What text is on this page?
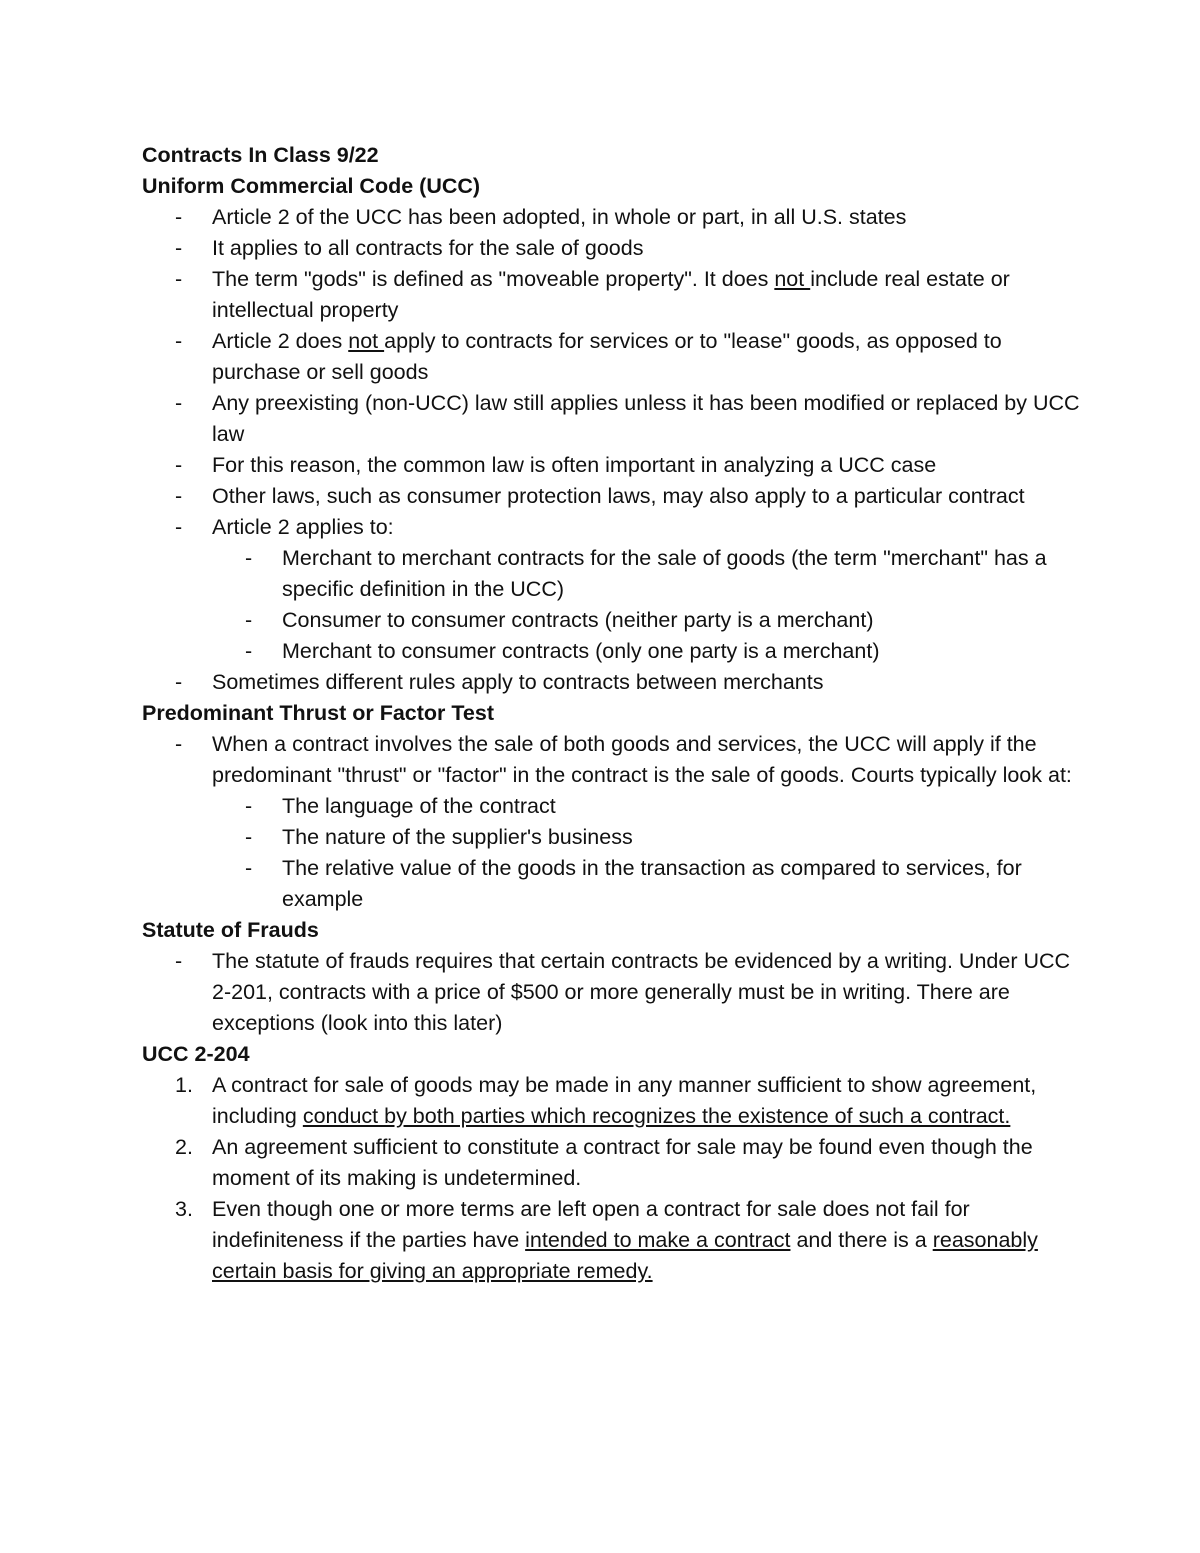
Contracts In Class 9/22

Uniform Commercial Code (UCC)

- Article 2 of the UCC has been adopted, in whole or part, in all U.S. states
- It applies to all contracts for the sale of goods
- The term "gods" is defined as "moveable property". It does not include real estate or intellectual property
- Article 2 does not apply to contracts for services or to "lease" goods, as opposed to purchase or sell goods
- Any preexisting (non-UCC) law still applies unless it has been modified or replaced by UCC law
- For this reason, the common law is often important in analyzing a UCC case
- Other laws, such as consumer protection laws, may also apply to a particular contract
- Article 2 applies to:
- Merchant to merchant contracts for the sale of goods (the term "merchant" has a specific definition in the UCC)
- Consumer to consumer contracts (neither party is a merchant)
- Merchant to consumer contracts (only one party is a merchant)
- Sometimes different rules apply to contracts between merchants

Predominant Thrust or Factor Test

- When a contract involves the sale of both goods and services, the UCC will apply if the predominant "thrust" or "factor" in the contract is the sale of goods. Courts typically look at:
- The language of the contract
- The nature of the supplier's business
- The relative value of the goods in the transaction as compared to services, for example

Statute of Frauds

- The statute of frauds requires that certain contracts be evidenced by a writing. Under UCC 2-201, contracts with a price of $500 or more generally must be in writing. There are exceptions (look into this later)

UCC 2-204

1. A contract for sale of goods may be made in any manner sufficient to show agreement, including conduct by both parties which recognizes the existence of such a contract.
2. An agreement sufficient to constitute a contract for sale may be found even though the moment of its making is undetermined.
3. Even though one or more terms are left open a contract for sale does not fail for indefiniteness if the parties have intended to make a contract and there is a reasonably certain basis for giving an appropriate remedy.
